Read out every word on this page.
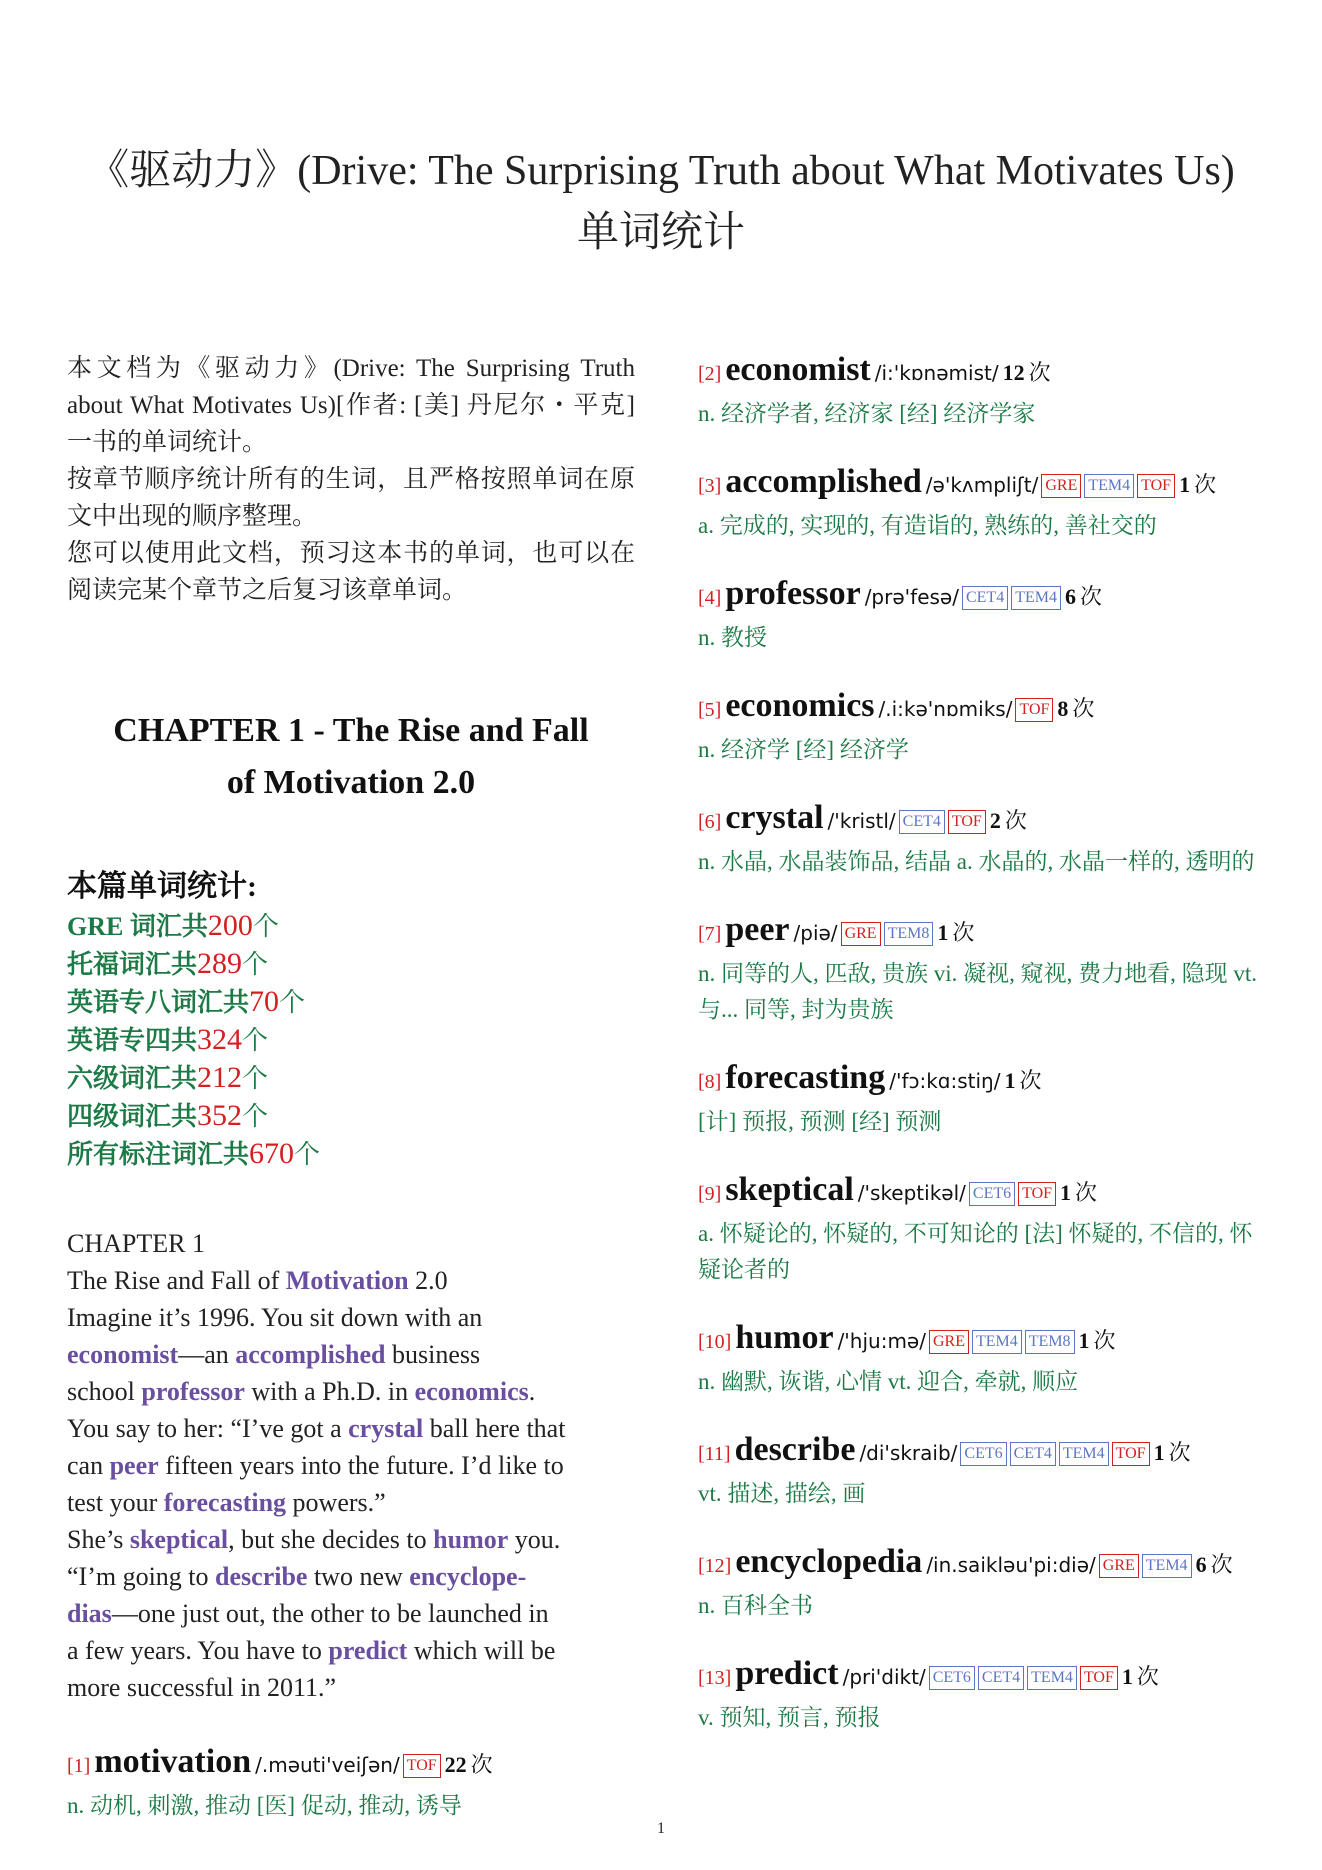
《驱动力》(Drive: The Surprising Truth about What Motivates Us)
单词统计

本文档为《驱动力》(Drive: The Surprising Truth about What Motivates Us)[作者: [美] 丹尼尔・平克] 一书的单词统计。

按章节顺序统计所有的生词，且严格按照单词在原文中出现的顺序整理。

您可以使用此文档，预习这本书的单词，也可以在阅读完某个章节之后复习该章单词。

CHAPTER 1 - The Rise and Fall
of Motivation 2.0
本篇单词统计:
GRE 词汇共200个
托福词汇共289个
英语专八词汇共70个
英语专四共324个
六级词汇共212个
四级词汇共352个
所有标注词汇共670个
CHAPTER 1
The Rise and Fall of Motivation 2.0
Imagine it’s 1996. You sit down with an
economist—an accomplished business
school professor with a Ph.D. in economics.
You say to her: “I’ve got a crystal ball here that
can peer fifteen years into the future. I’d like to
test your forecasting powers.”
She’s skeptical, but she decides to humor you.
“I’m going to describe two new encyclope-
dias—one just out, the other to be launched in
a few years. You have to predict which will be
more successful in 2011.”
[1] motivation /.məuti'veiʃən/ TOF 22 次
n. 动机, 刺激, 推动 [医] 促动, 推动, 诱导
[2] economist /i:'kɒnəmist/ 12 次
n. 经济学者, 经济家 [经] 经济学家
[3] accomplished /ə'kʌmpliʃt/ GRE TEM4 TOF 1 次
a. 完成的, 实现的, 有造诣的, 熟练的, 善社交的
[4] professor /prə'fesə/ CET4 TEM4 6 次
n. 教授
[5] economics /.i:kə'nɒmiks/ TOF 8 次
n. 经济学 [经] 经济学
[6] crystal /'kristl/ CET4 TOF 2 次
n. 水晶, 水晶装饰品, 结晶 a. 水晶的, 水晶一样的, 透明的
[7] peer /piə/ GRE TEM8 1 次
n. 同等的人, 匹敌, 贵族 vi. 凝视, 窥视, 费力地看, 隐现 vt. 与... 同等, 封为贵族
[8] forecasting /'fɔ:kɑ:stiŋ/ 1 次
[计] 预报, 预测 [经] 预测
[9] skeptical /'skeptikəl/ CET6 TOF 1 次
a. 怀疑论的, 怀疑的, 不可知论的 [法] 怀疑的, 不信的, 怀疑论者的
[10] humor /'hju:mə/ GRE TEM4 TEM8 1 次
n. 幽默, 诙谐, 心情 vt. 迎合, 牵就, 顺应
[11] describe /di'skraib/ CET6 CET4 TEM4 TOF 1 次
vt. 描述, 描绘, 画
[12] encyclopedia /in.saikləu'pi:diə/ GRE TEM4 6 次
n. 百科全书
[13] predict /pri'dikt/ CET6 CET4 TEM4 TOF 1 次
v. 预知, 预言, 预报
1
